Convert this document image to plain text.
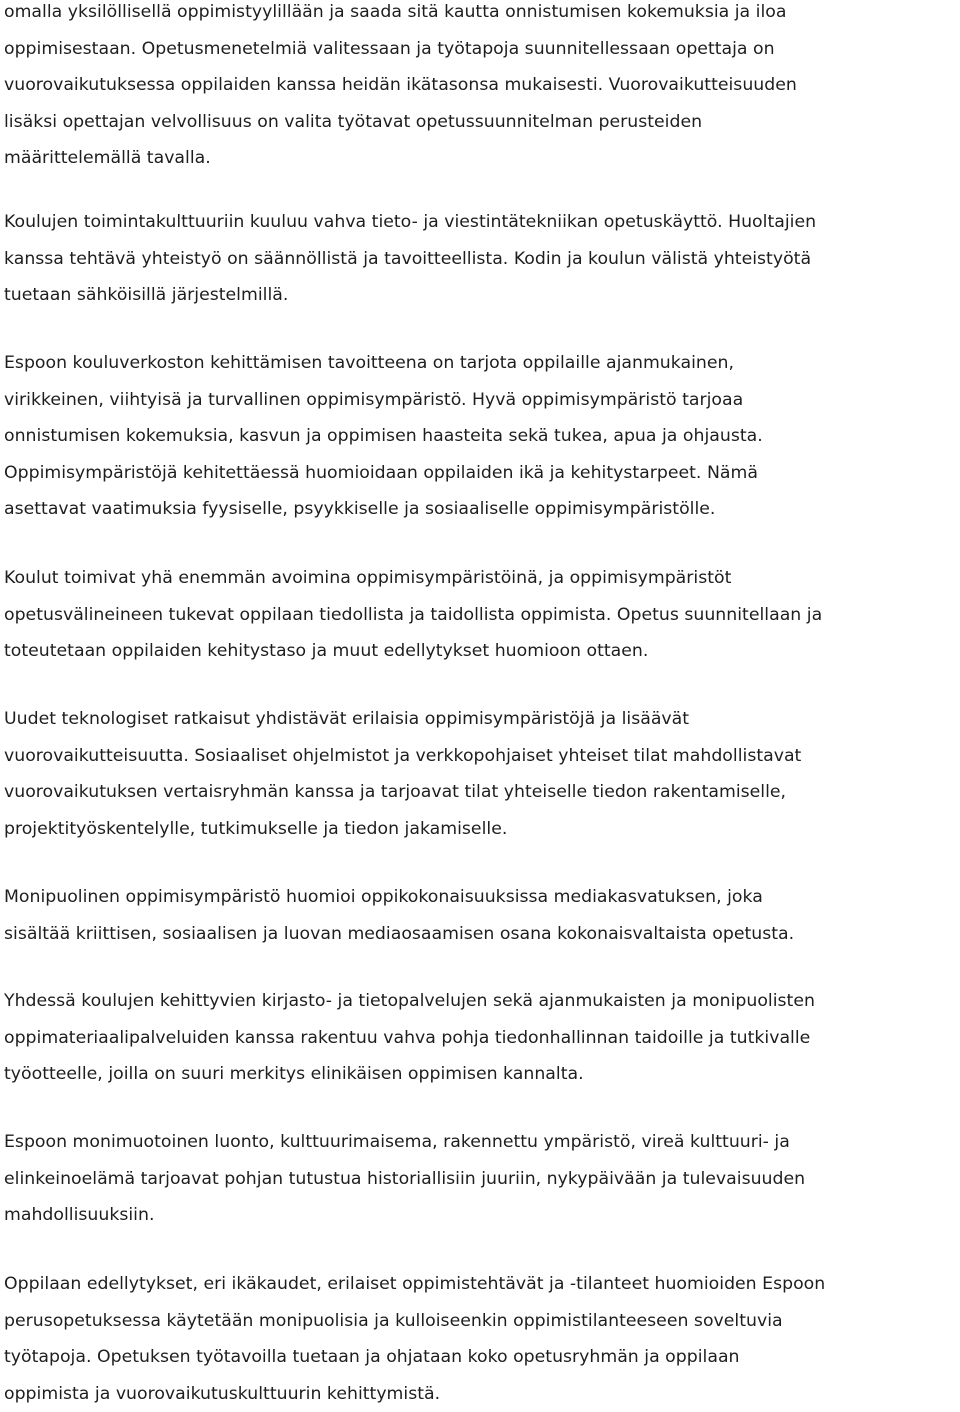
omalla yksilöllisellä oppimistyylillään ja saada sitä kautta onnistumisen kokemuksia ja iloa
oppimisestaan. Opetusmenetelmiä valitessaan ja työtapoja suunnitellessaan opettaja on
vuorovaikutuksessa oppilaiden kanssa heidän ikätasonsa mukaisesti. Vuorovaikutteisuuden
lisäksi opettajan velvollisuus on valita työtavat opetussuunnitelman perusteiden
määrittelemällä tavalla.
Koulujen toimintakulttuuriin kuuluu vahva tieto- ja viestintätekniikan opetuskäyttö. Huoltajien
kanssa tehtävä yhteistyö on säännöllistä ja tavoitteellista. Kodin ja koulun välistä yhteistyötä
tuetaan sähköisillä järjestelmillä.
Espoon kouluverkoston kehittämisen tavoitteena on tarjota oppilaille ajanmukainen,
virikkeinen, viihtyisä ja turvallinen oppimisympäristö. Hyvä oppimisympäristö tarjoaa
onnistumisen kokemuksia, kasvun ja oppimisen haasteita sekä tukea, apua ja ohjausta.
Oppimisympäristöjä kehitettäessä huomioidaan oppilaiden ikä ja kehitystarpeet. Nämä
asettavat vaatimuksia fyysiselle, psyykkiselle ja sosiaaliselle oppimisympäristölle.
Koulut toimivat yhä enemmän avoimina oppimisympäristöinä, ja oppimisympäristöt
opetusvälineineen tukevat oppilaan tiedollista ja taidollista oppimista. Opetus suunnitellaan ja
toteutetaan oppilaiden kehitystaso ja muut edellytykset huomioon ottaen.
Uudet teknologiset ratkaisut yhdistävät erilaisia oppimisympäristöjä ja lisäävät
vuorovaikutteisuutta. Sosiaaliset ohjelmistot ja verkkopohjaiset yhteiset tilat mahdollistavat
vuorovaikutuksen vertaisryhmän kanssa ja tarjoavat tilat yhteiselle tiedon rakentamiselle,
projektityöskentelylle, tutkimukselle ja tiedon jakamiselle.
Monipuolinen oppimisympäristö huomioi oppikokonaisuuksissa mediakasvatuksen, joka
sisältää kriittisen, sosiaalisen ja luovan mediaosaamisen osana kokonaisvaltaista opetusta.
Yhdessä koulujen kehittyvien kirjasto- ja tietopalvelujen sekä ajanmukaisten ja monipuolisten
oppimateriaalipalveluiden kanssa rakentuu vahva pohja tiedonhallinnan taidoille ja tutkivalle
työotteelle, joilla on suuri merkitys elinikäisen oppimisen kannalta.
Espoon monimuotoinen luonto, kulttuurimaisema, rakennettu ympäristö, vireä kulttuuri- ja
elinkeinoelämä tarjoavat pohjan tutustua historiallisiin juuriin, nykypäivään ja tulevaisuuden
mahdollisuuksiin.
Oppilaan edellytykset, eri ikäkaudet, erilaiset oppimistehtävät ja -tilanteet huomioiden Espoon
perusopetuksessa käytetään monipuolisia ja kulloiseenkin oppimistilanteeseen soveltuvia
työtapoja. Opetuksen työtavoilla tuetaan ja ohjataan koko opetusryhmän ja oppilaan
oppimista ja vuorovaikutuskulttuurin kehittymistä.
